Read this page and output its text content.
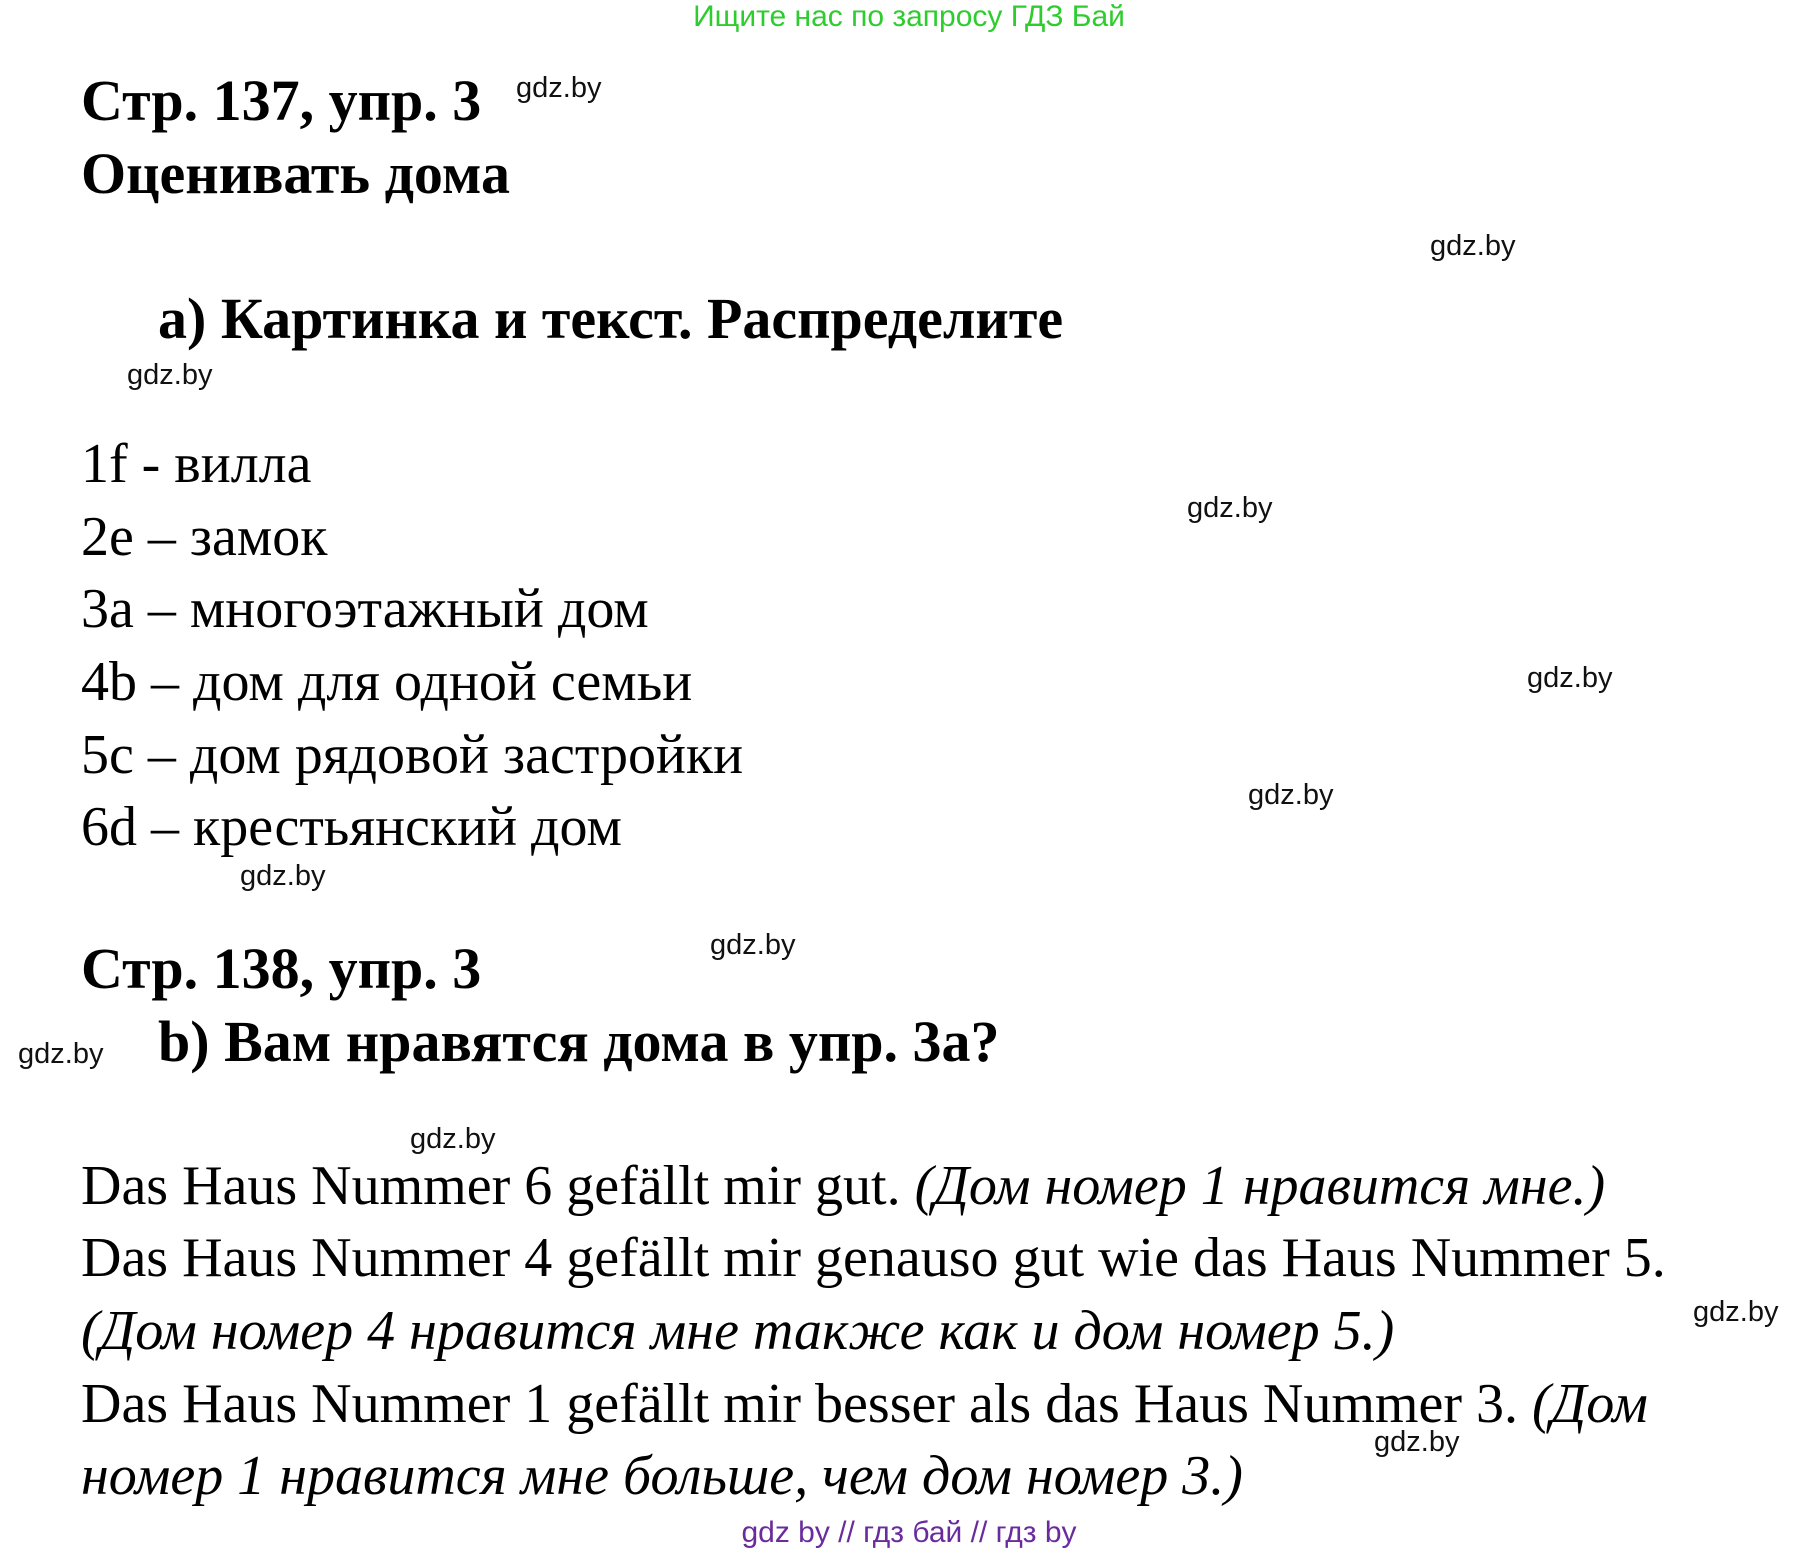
Ищите нас по запросу ГДЗ Бай
Стр. 137, упр. 3
Оценивать дома
a) Картинка и текст. Распределите
1f - вилла
2e – замок
3a – многоэтажный дом
4b – дом для одной семьи
5c – дом рядовой застройки
6d – крестьянский дом
Стр. 138, упр. 3
b) Вам нравятся дома в упр. 3а?
Das Haus Nummer 6 gefällt mir gut. (Дом номер 1 нравится мне.)
Das Haus Nummer 4 gefällt mir genauso gut wie das Haus Nummer 5.
(Дом номер 4 нравится мне также как и дом номер 5.)
Das Haus Nummer 1 gefällt mir besser als das Haus Nummer 3. (Дом
номер 1 нравится мне больше, чем дом номер 3.)
gdz.by
gdz.by
gdz.by
gdz.by
gdz.by
gdz.by
gdz.by
gdz.by
gdz.by
gdz.by
gdz.by
gdz.by
gdz by // гдз бай // гдз by
